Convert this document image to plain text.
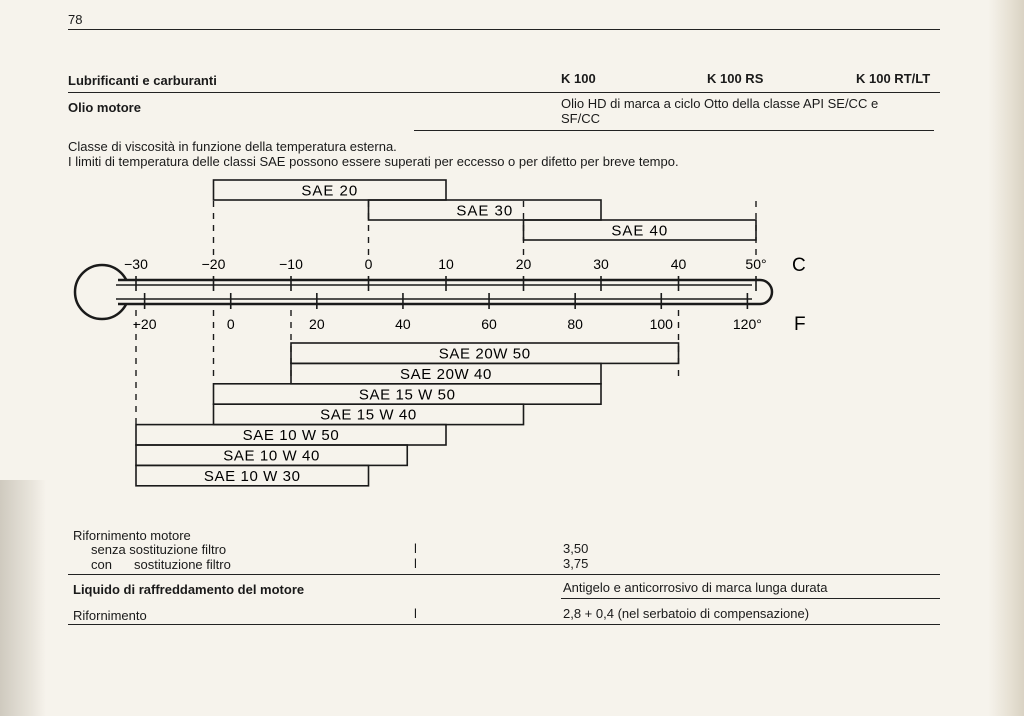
78
Lubrificanti e carburanti	K 100	K 100 RS	K 100 RT/LT
Olio motore	Olio HD di marca a ciclo Otto della classe API SE/CC e
SF/CC
Classe di viscosità in funzione della temperatura esterna.
I limiti di temperatura delle classi SAE possono essere superati per eccesso o per difetto per breve tempo.
SAE 20
SAE 30
SAE 40
−30	−20	−10	0	10	20	30	40	50°
−20	0	20	40	60	80	100	120°
C
F
SAE 20W 50
SAE 20W 40
SAE 15 W 50
SAE 15 W 40
SAE 10 W 50
SAE 10 W 40
SAE 10 W 30
Rifornimento motore
senza sostituzione filtro	l	3,50
con sostituzione filtro	l	3,75
Liquido di raffreddamento del motore	Antigelo e anticorrosivo di marca lunga durata
Rifornimento	l	2,8 + 0,4 (nel serbatoio di compensazione)
